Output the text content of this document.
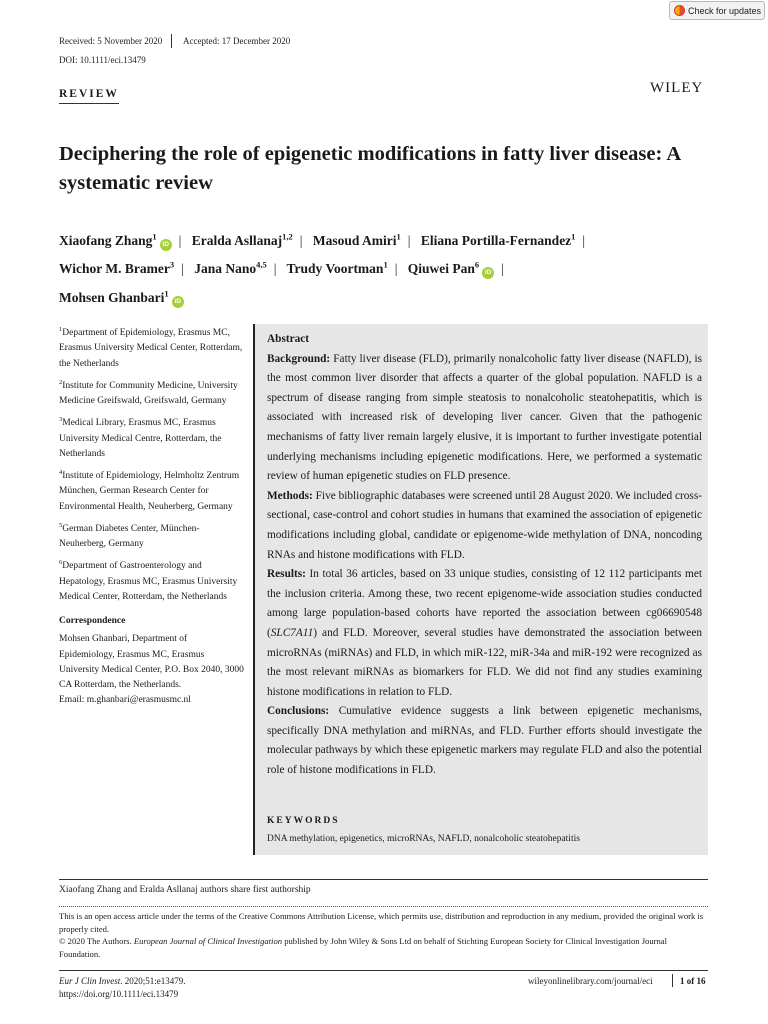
Check for updates
Received: 5 November 2020 Accepted: 17 December 2020
DOI: 10.1111/eci.13479
REVIEW	WILEY
Deciphering the role of epigenetic modifications in fatty liver disease: A systematic review
Xiaofang Zhang$^1$iD | Eralda Asllanaj$^{1,2}$ | Masoud Amiri$^1$ | Eliana Portilla-Fernandez$^1$ |
Wichor M. Bramer$^3$ | Jana Nano$^{4,5}$ | Trudy Voortman$^1$ | Qiuwei Pan$^6$iD |
Mohsen Ghanbari$^1$iD

$^1$Department of Epidemiology, Erasmus MC, Erasmus University Medical Center, Rotterdam, the Netherlands

$^2$Institute for Community Medicine, University Medicine Greifswald, Greifswald, Germany

$^3$Medical Library, Erasmus MC, Erasmus University Medical Centre, Rotterdam, the Netherlands

$^4$Institute of Epidemiology, Helmholtz Zentrum München, German Research Center for Environmental Health, Neuherberg, Germany

$^5$German Diabetes Center, München-Neuherberg, Germany

$^6$Department of Gastroenterology and Hepatology, Erasmus MC, Erasmus University Medical Center, Rotterdam, the Netherlands

Correspondence

Mohsen Ghanbari, Department of Epidemiology, Erasmus MC, Erasmus University Medical Center, P.O. Box 2040, 3000 CA Rotterdam, the Netherlands.
Email: m.ghanbari@erasmusmc.nl

Abstract

Background: Fatty liver disease (FLD), primarily nonalcoholic fatty liver disease (NAFLD), is the most common liver disorder that affects a quarter of the global population. NAFLD is a spectrum of disease ranging from simple steatosis to nonalcoholic steatohepatitis, which is associated with increased risk of developing liver cancer. Given that the pathogenic mechanisms of fatty liver remain largely elusive, it is important to further investigate potential underlying mechanisms including epigenetic modifications. Here, we performed a systematic review of human epigenetic studies on FLD presence.

Methods: Five bibliographic databases were screened until 28 August 2020. We included cross-sectional, case-control and cohort studies in humans that examined the association of epigenetic modifications including global, candidate or epigenome-wide methylation of DNA, noncoding RNAs and histone modifications with FLD.

Results: In total 36 articles, based on 33 unique studies, consisting of 12 112 participants met the inclusion criteria. Among these, two recent epigenome-wide association studies conducted among large population-based cohorts have reported the association between cg06690548 (SLC7A11) and FLD. Moreover, several studies have demonstrated the association between microRNAs (miRNAs) and FLD, in which miR-122, miR-34a and miR-192 were recognized as the most relevant miRNAs as biomarkers for FLD. We did not find any studies examining histone modifications in relation to FLD.

Conclusions: Cumulative evidence suggests a link between epigenetic mechanisms, specifically DNA methylation and miRNAs, and FLD. Further efforts should investigate the molecular pathways by which these epigenetic markers may regulate FLD and also the potential role of histone modifications in FLD.

KEYWORDS
DNA methylation, epigenetics, microRNAs, NAFLD, nonalcoholic steatohepatitis
Xiaofang Zhang and Eralda Asllanaj authors share first authorship
This is an open access article under the terms of the Creative Commons Attribution License, which permits use, distribution and reproduction in any medium, provided the original work is properly cited.
© 2020 The Authors. European Journal of Clinical Investigation published by John Wiley & Sons Ltd on behalf of Stichting European Society for Clinical Investigation Journal Foundation.
Eur J Clin Invest. 2020;51:e13479.
https://doi.org/10.1111/eci.13479
wileyonlinelibrary.com/journal/eci	1 of 16
